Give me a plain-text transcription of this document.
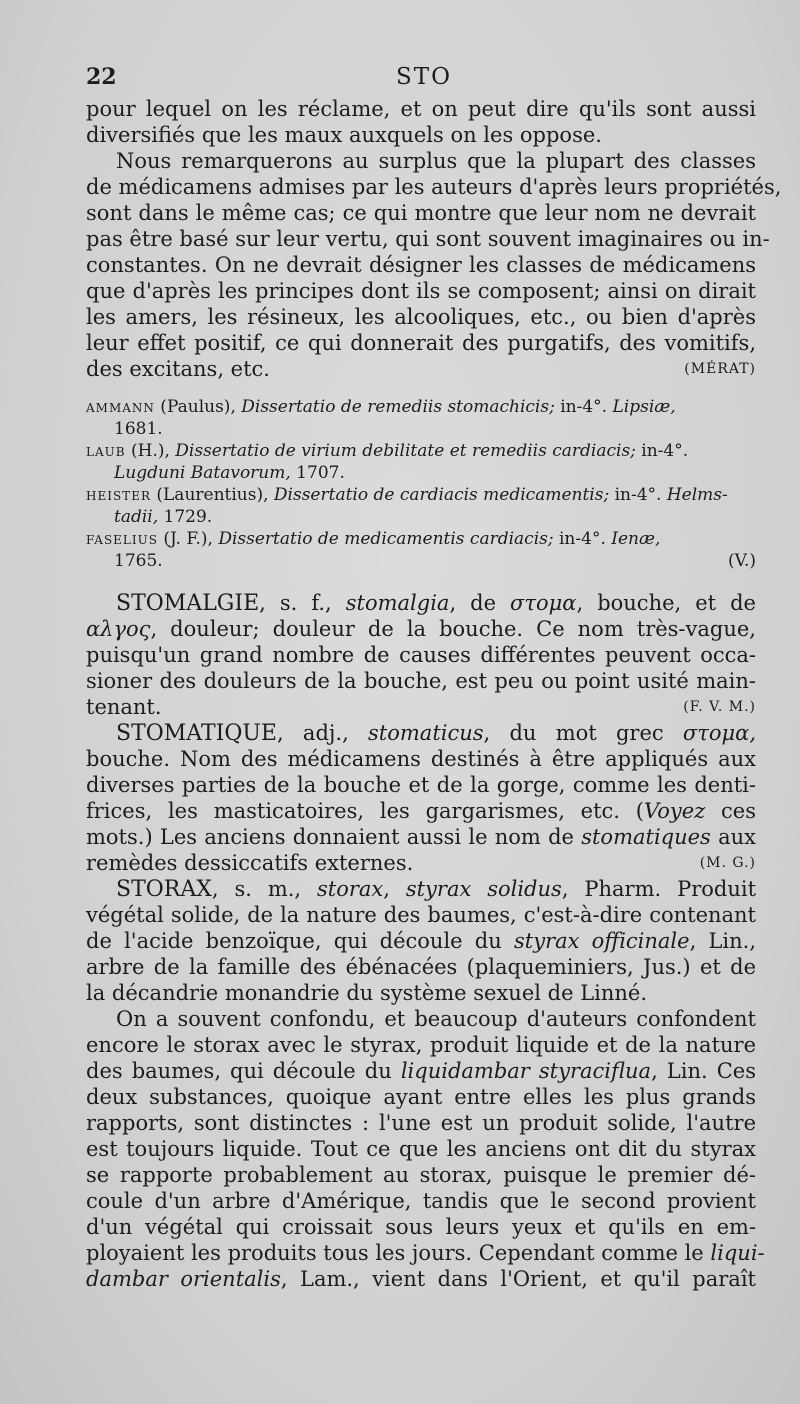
22	STO
pour lequel on les réclame, et on peut dire qu'ils sont aussi
diversifiés que les maux auxquels on les oppose.
Nous remarquerons au surplus que la plupart des classes
de médicamens admises par les auteurs d'après leurs propriétés,
sont dans le même cas; ce qui montre que leur nom ne devrait
pas être basé sur leur vertu, qui sont souvent imaginaires ou in-
constantes. On ne devrait désigner les classes de médicamens
que d'après les principes dont ils se composent; ainsi on dirait
les amers, les résineux, les alcooliques, etc., ou bien d'après
leur effet positif, ce qui donnerait des purgatifs, des vomitifs,
des excitans, etc.	(MÉRAT)
AMMANN (Paulus), Dissertatio de remediis stomachicis; in-4°. Lipsiæ,
1681.
LAUB (H.), Dissertatio de virium debilitate et remediis cardiacis; in-4°.
Lugduni Batavorum, 1707.
HEISTER (Laurentius), Dissertatio de cardiacis medicamentis; in-4°. Helms-
tadii, 1729.
FASELIUS (J. F.), Dissertatio de medicamentis cardiacis; in-4°. Ienæ,
1765.	(V.)
STOMALGIE, s. f., stomalgia, de στομα, bouche, et de
αλγος, douleur; douleur de la bouche. Ce nom très-vague,
puisqu'un grand nombre de causes différentes peuvent occa-
sioner des douleurs de la bouche, est peu ou point usité main-
tenant.	(F. V. M.)
STOMATIQUE, adj., stomaticus, du mot grec στομα,
bouche. Nom des médicamens destinés à être appliqués aux
diverses parties de la bouche et de la gorge, comme les denti-
frices, les masticatoires, les gargarismes, etc. (Voyez ces
mots.) Les anciens donnaient aussi le nom de stomatiques aux
remèdes dessiccatifs externes.	(M. G.)
STORAX, s. m., storax, styrax solidus, Pharm. Produit
végétal solide, de la nature des baumes, c'est-à-dire contenant
de l'acide benzoïque, qui découle du styrax officinale, Lin.,
arbre de la famille des ébénacées (plaqueminiers, Jus.) et de
la décandrie monandrie du système sexuel de Linné.
On a souvent confondu, et beaucoup d'auteurs confondent
encore le storax avec le styrax, produit liquide et de la nature
des baumes, qui découle du liquidambar styraciflua, Lin. Ces
deux substances, quoique ayant entre elles les plus grands
rapports, sont distinctes : l'une est un produit solide, l'autre
est toujours liquide. Tout ce que les anciens ont dit du styrax
se rapporte probablement au storax, puisque le premier dé-
coule d'un arbre d'Amérique, tandis que le second provient
d'un végétal qui croissait sous leurs yeux et qu'ils en em-
ployaient les produits tous les jours. Cependant comme le liqui-
dambar orientalis, Lam., vient dans l'Orient, et qu'il paraît
